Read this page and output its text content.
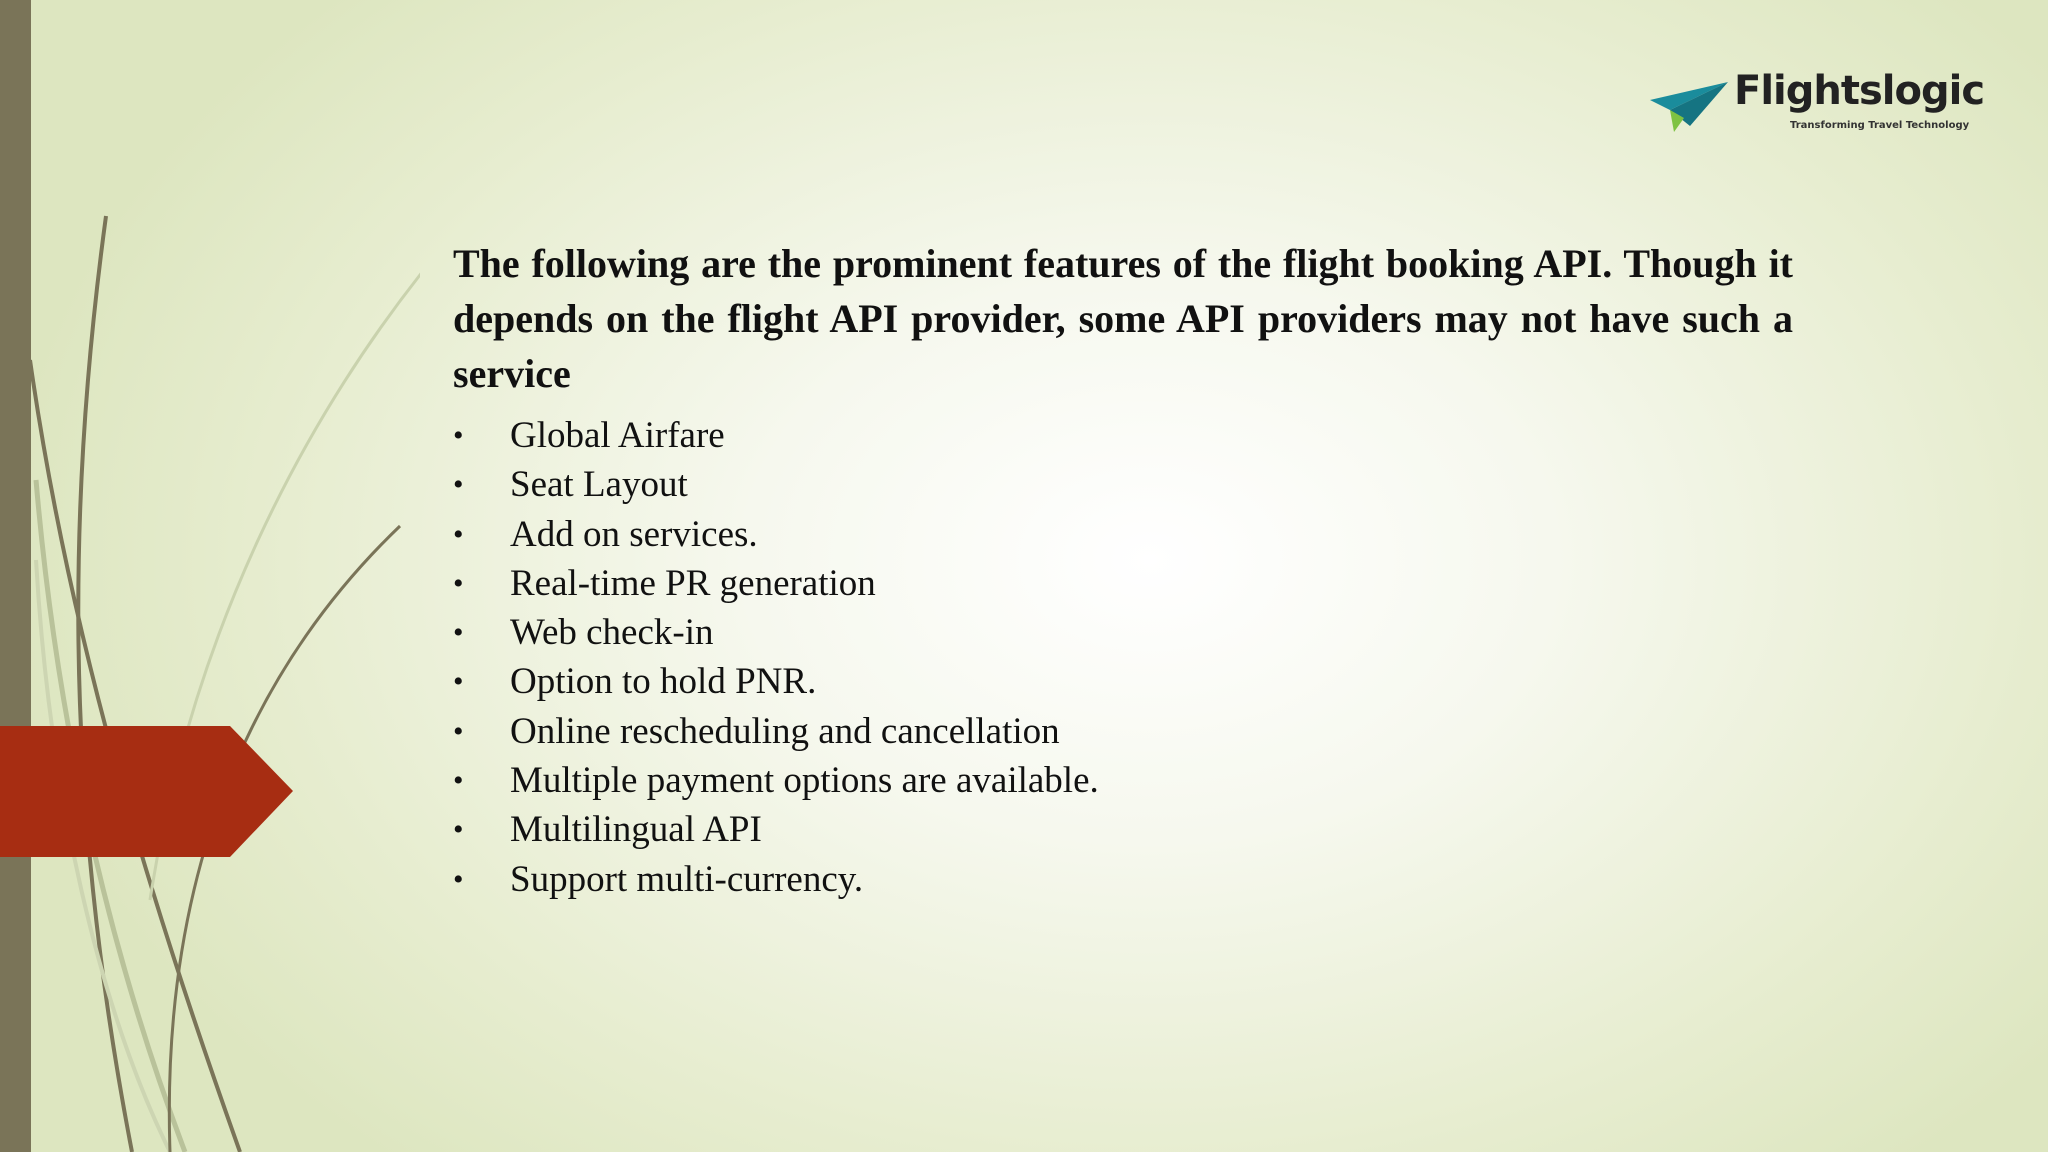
Flightslogic
Transforming Travel Technology

The following are the prominent features of the flight booking API. Though it depends on the flight API provider, some API providers may not have such a service

• Global Airfare
• Seat Layout
• Add on services.
• Real-time PR generation
• Web check-in
• Option to hold PNR.
• Online rescheduling and cancellation
• Multiple payment options are available.
• Multilingual API
• Support multi-currency.
